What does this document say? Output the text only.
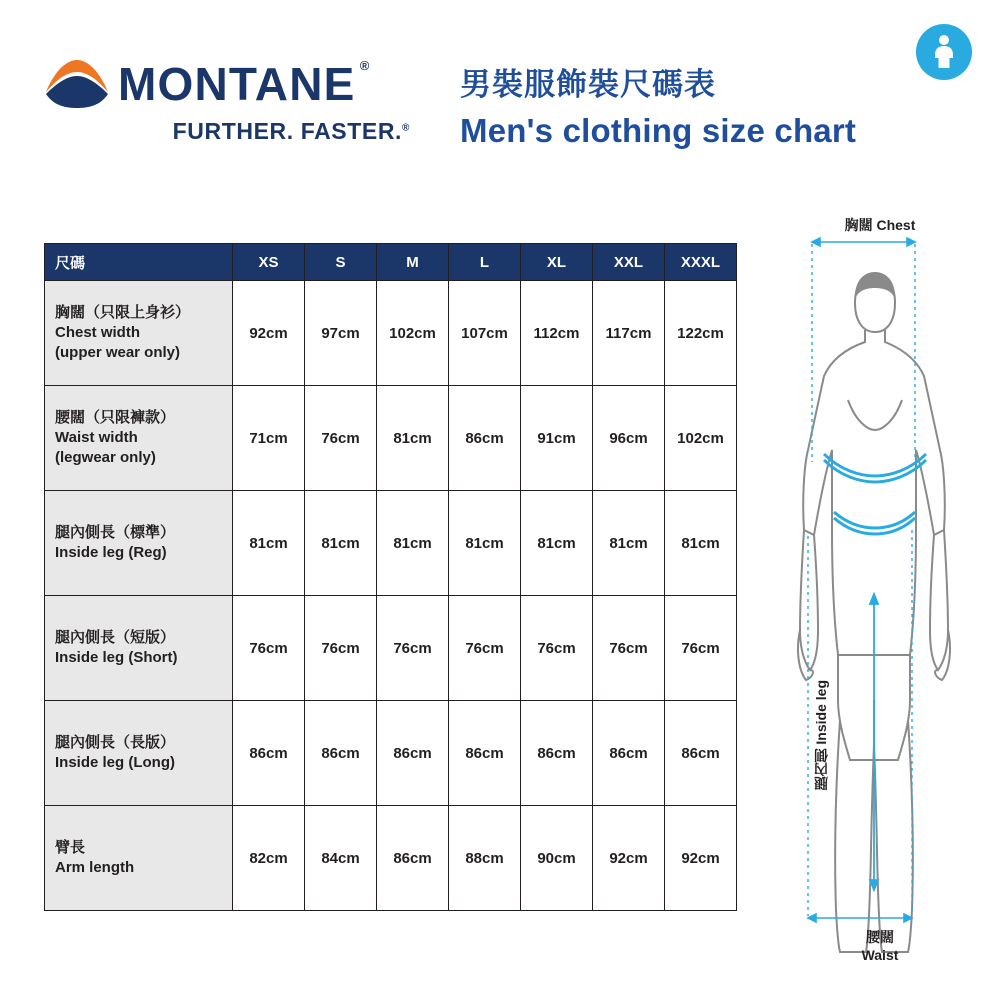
MONTANE ®
FURTHER. FASTER.®
男裝服飾裝尺碼表
Men's clothing size chart
尺碼	XS	S	M	L	XL	XXL	XXXL

胸闊（只限上身衫）
Chest width
(upper wear only)	92cm	97cm	102cm	107cm	112cm	117cm	122cm

腰闊（只限褲款）
Waist width
(legwear only)	71cm	76cm	81cm	86cm	91cm	96cm	102cm

腿內側長（標準）
Inside leg (Reg)	81cm	81cm	81cm	81cm	81cm	81cm	81cm

腿內側長（短版）
Inside leg (Short)	76cm	76cm	76cm	76cm	76cm	76cm	76cm

腿內側長（長版）
Inside leg (Long)	86cm	86cm	86cm	86cm	86cm	86cm	86cm

臂長
Arm length	82cm	84cm	86cm	88cm	90cm	92cm	92cm
胸闊 Chest
腿內側 Inside leg
腰闊
Waist
